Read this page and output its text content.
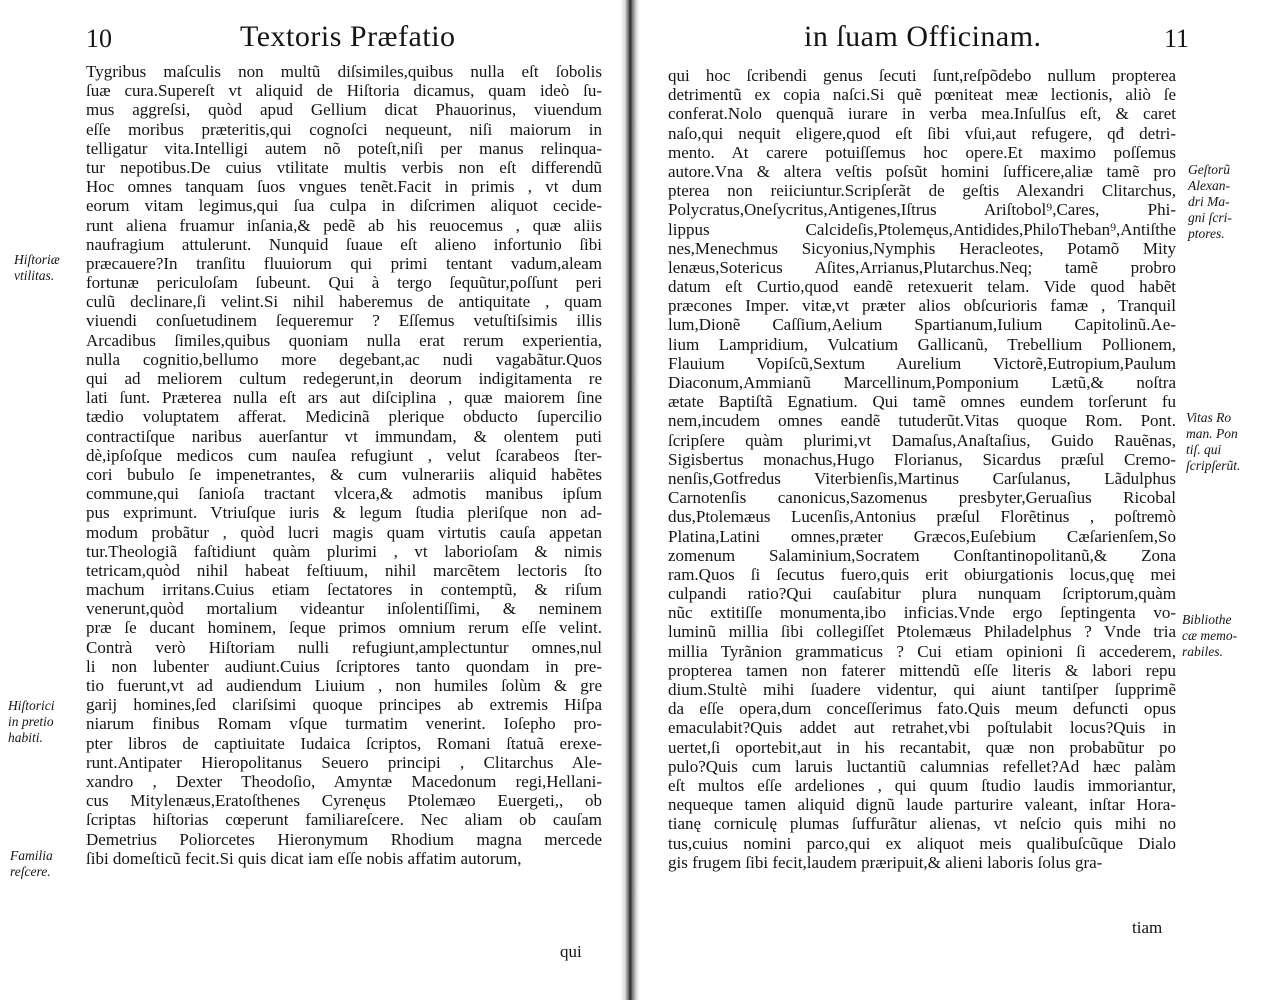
10	Textoris Præfatio
Tygribus maſculis non multũ diſsimiles,quibus nulla eſt ſobolis
ſuæ cura.Supereſt vt aliquid de Hiſtoria dicamus, quam ideò ſu-
mus aggreſsi, quòd apud Gellium dicat Phauorinus, viuendum
eſſe moribus præteritis,qui cognoſci nequeunt, niſi maiorum in
telligatur vita.Intelligi autem nõ poteſt,niſi per manus relinqua-
tur nepotibus.De cuius vtilitate multis verbis non eſt differendũ
Hoc omnes tanquam ſuos vngues tenẽt.Facit in primis , vt dum
eorum vitam legimus,qui ſua culpa in diſcrimen aliquot cecide-
runt aliena fruamur inſania,& pedẽ ab his reuocemus , quæ aliis
naufragium attulerunt. Nunquid ſuaue eſt alieno infortunio ſibi
præcauere?In tranſitu fluuiorum qui primi tentant vadum,aleam
fortunæ periculoſam ſubeunt. Qui à tergo ſequũtur,poſſunt peri
culũ declinare,ſi velint.Si nihil haberemus de antiquitate , quam
viuendi conſuetudinem ſequeremur ? Eſſemus vetuſtiſsimis illis
Arcadibus ſimiles,quibus quoniam nulla erat rerum experientia,
nulla cognitio,bellumo more degebant,ac nudi vagabãtur.Quos
qui ad meliorem cultum redegerunt,in deorum indigitamenta re
lati ſunt. Præterea nulla eſt ars aut diſciplina , quæ maiorem ſine
tædio voluptatem afferat. Medicinã plerique obducto ſupercilio
contractiſque naribus auerſantur vt immundam, & olentem puti
dè,ipſoſque medicos cum nauſea refugiunt , velut ſcarabeos ſter-
cori bubulo ſe impenetrantes, & cum vulnerariis aliquid habẽtes
commune,qui ſanioſa tractant vlcera,& admotis manibus ipſum
pus exprimunt. Vtriuſque iuris & legum ſtudia pleriſque non ad-
modum probãtur , quòd lucri magis quam virtutis cauſa appetan
tur.Theologiã faſtidiunt quàm plurimi , vt laborioſam & nimis
tetricam,quòd nihil habeat feſtiuum, nihil marcẽtem lectoris ſto
machum irritans.Cuius etiam ſectatores in contemptũ, & riſum
venerunt,quòd mortalium videantur inſolentiſſimi, & neminem
præ ſe ducant hominem, ſeque primos omnium rerum eſſe velint.
Contrà verò Hiſtoriam nulli refugiunt,amplectuntur omnes,nul
li non lubenter audiunt.Cuius ſcriptores tanto quondam in pre-
tio fuerunt,vt ad audiendum Liuium , non humiles ſolùm & gre
garij homines,ſed clariſsimi quoque principes ab extremis Hiſpa
niarum finibus Romam vſque turmatim venerint. Ioſepho pro-
pter libros de captiuitate Iudaica ſcriptos, Romani ſtatuã erexe-
runt.Antipater Hieropolitanus Seuero principi , Clitarchus Ale-
xandro , Dexter Theodoſio, Amyntæ Macedonum regi,Hellani-
cus Mitylenæus,Eratoſthenes Cyrenęus Ptolemæo Euergeti,, ob
ſcriptas hiſtorias cœperunt familiareſcere. Nec aliam ob cauſam
Demetrius Poliorcetes Hieronymum Rhodium magna mercede
ſibi domeſticũ fecit.Si quis dicat iam eſſe nobis affatim autorum,
qui
Hiſtoriæ
vtilitas.
Hiſtorici
in pretio
habiti.
Familia
reſcere.
in ſuam Officinam.	11
qui hoc ſcribendi genus ſecuti ſunt,reſpõdebo nullum propterea
detrimentũ ex copia naſci.Si quẽ pœniteat meæ lectionis, aliò ſe
conferat.Nolo quenquã iurare in verba mea.Inſulſus eſt, & caret
naſo,qui nequit eligere,quod eſt ſibi vſui,aut refugere, qđ detri-
mento. At carere potuiſſemus hoc opere.Et maximo poſſemus
autore.Vna & altera veſtis poſsũt homini ſufficere,aliæ tamẽ pro
pterea non reiiciuntur.Scripſerãt de geſtis Alexandri Clitarchus,
Polycratus,Oneſycritus,Antigenes,Iſtrus Ariſtobol⁹,Cares, Phi-
lippus Calcideſis,Ptolemęus,Antidides,PhiloTheban⁹,Antiſthe
nes,Menechmus Sicyonius,Nymphis Heracleotes, Potamõ Mity
lenæus,Sotericus Aſites,Arrianus,Plutarchus.Neq; tamẽ probro
datum eſt Curtio,quod eandẽ retexuerit telam. Vide quod habẽt
præcones Imper. vitæ,vt præter alios obſcurioris famæ , Tranquil
lum,Dionẽ Caſſium,Aelium Spartianum,Iulium Capitolinũ.Ae-
lium Lampridium, Vulcatium Gallicanũ, Trebellium Pollionem,
Flauium Vopiſcũ,Sextum Aurelium Victorẽ,Eutropium,Paulum
Diaconum,Ammianũ Marcellinum,Pomponium Lætũ,& noſtra
ætate Baptiſtã Egnatium. Qui tamẽ omnes eundem torſerunt fu
nem,incudem omnes eandẽ tutuderũt.Vitas quoque Rom. Pont.
ſcripſere quàm plurimi,vt Damaſus,Anaſtaſius, Guido Rauẽnas,
Sigisbertus monachus,Hugo Florianus, Sicardus præſul Cremo-
nenſis,Gotfredus Viterbienſis,Martinus Carſulanus, Lãdulphus
Carnotenſis canonicus,Sazomenus presbyter,Geruaſius Ricobal
dus,Ptolemæus Lucenſis,Antonius præſul Florẽtinus , poſtremò
Platina,Latini omnes,præter Græcos,Euſebium Cæſarienſem,So
zomenum Salaminium,Socratem Conſtantinopolitanũ,& Zona
ram.Quos ſi ſecutus fuero,quis erit obiurgationis locus,quę mei
culpandi ratio?Qui cauſabitur plura nunquam ſcriptorum,quàm
nũc extitiſſe monumenta,ibo inficias.Vnde ergo ſeptingenta vo-
luminũ millia ſibi collegiſſet Ptolemæus Philadelphus ? Vnde tria
millia Tyrãnion grammaticus ? Cui etiam opinioni ſi accederem,
propterea tamen non faterer mittendũ eſſe literis & labori repu
dium.Stultè mihi ſuadere videntur, qui aiunt tantiſper ſupprimẽ
da eſſe opera,dum conceſſerimus fato.Quis meum defuncti opus
emaculabit?Quis addet aut retrahet,vbi poſtulabit locus?Quis in
uertet,ſi oportebit,aut in his recantabit, quæ non probabũtur po
pulo?Quis cum laruis luctantiũ calumnias refellet?Ad hæc palàm
eſt multos eſſe ardeliones , qui quum ſtudio laudis immoriantur,
nequeque tamen aliquid dignũ laude parturire valeant, inſtar Hora-
tianę corniculę plumas ſuffurãtur alienas, vt neſcio quis mihi no
tus,cuius nomini parco,qui ex aliquot meis qualibuſcũque Dialo
gis frugem ſibi fecit,laudem præripuit,& alieni laboris ſolus gra-
tiam
Geſtorũ
Alexan-
dri Ma-
gni ſcri-
ptores.
Vitas Ro
man. Pon
tiſ. qui
ſcripſerũt.
Bibliothe
cæ memo-
rabiles.
